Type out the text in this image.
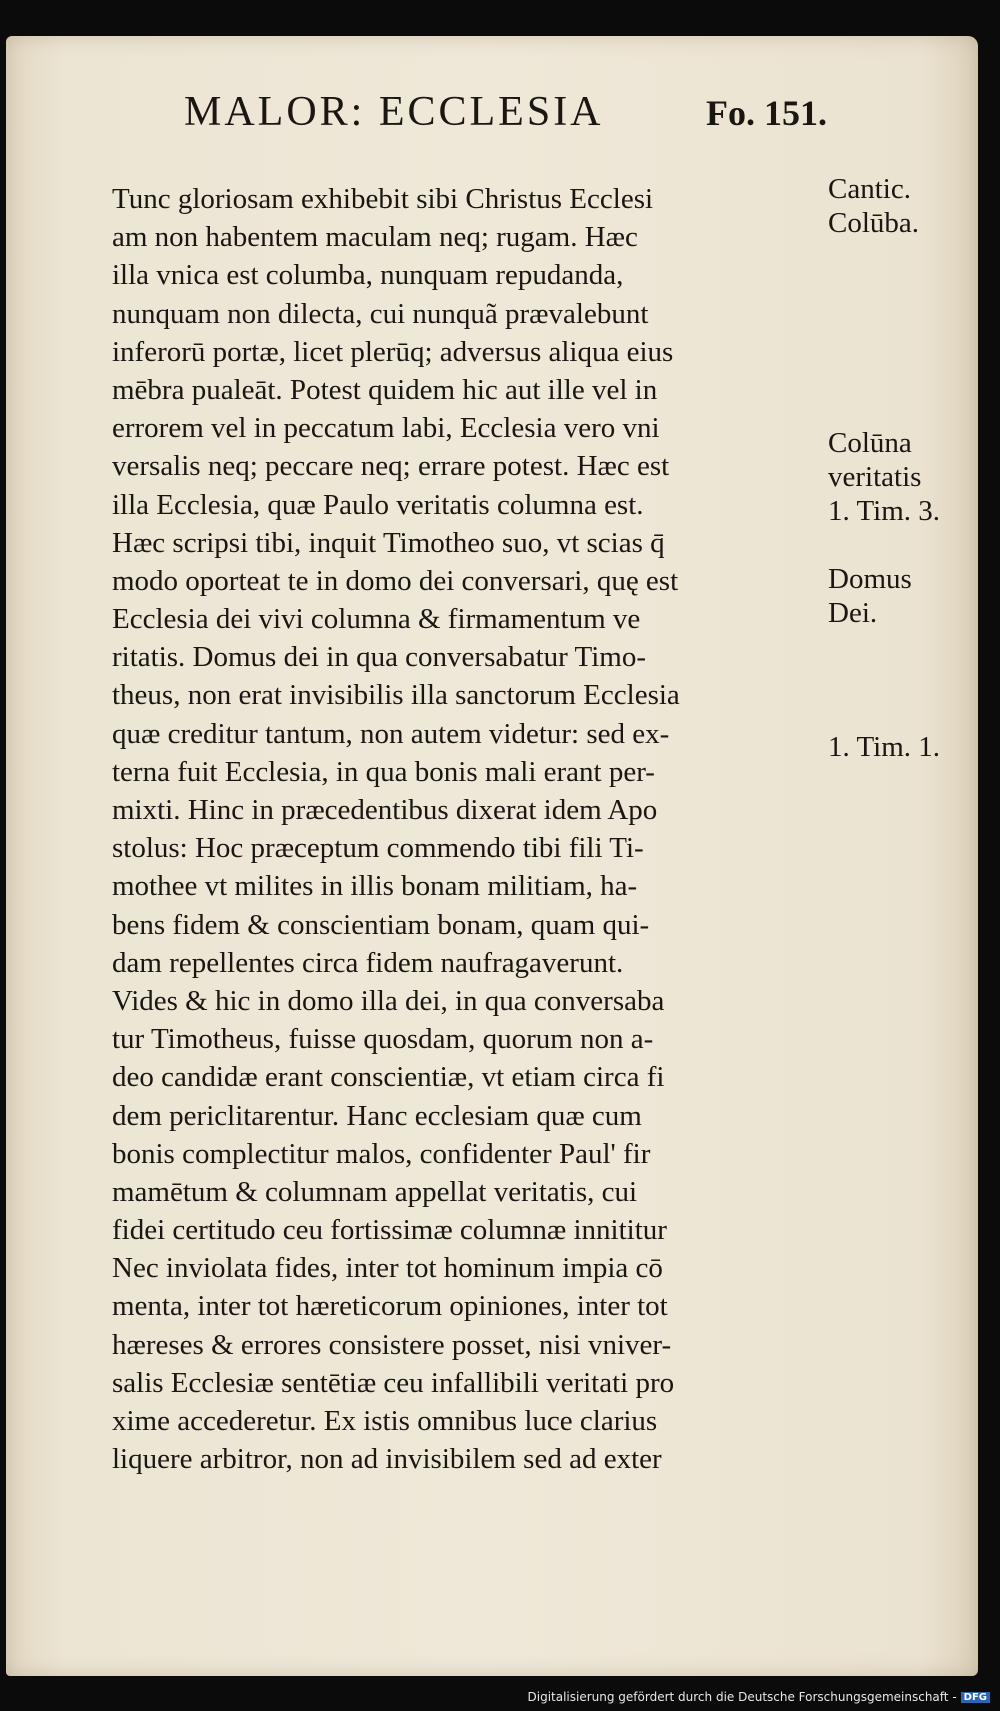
MALOR: ECCLESIA	Fo. 151.
Tunc gloriosam exhibebit sibi Christus Ecclesi
am non habentem maculam neq; rugam. Hæc
illa vnica est columba, nunquam repudanda,
nunquam non dilecta, cui nunquã prævalebunt
inferorū portæ, licet plerūq; adversus aliqua eius
mēbra pualeāt. Potest quidem hic aut ille vel in
errorem vel in peccatum labi, Ecclesia vero vni
versalis neq; peccare neq; errare potest. Hæc est
illa Ecclesia, quæ Paulo veritatis columna est.
Hæc scripsi tibi, inquit Timotheo suo, vt scias q̄
modo oporteat te in domo dei conversari, quę est
Ecclesia dei vivi columna & firmamentum ve
ritatis. Domus dei in qua conversabatur Timo-
theus, non erat invisibilis illa sanctorum Ecclesia
quæ creditur tantum, non autem videtur: sed ex-
terna fuit Ecclesia, in qua bonis mali erant per-
mixti. Hinc in præcedentibus dixerat idem Apo
stolus: Hoc præceptum commendo tibi fili Ti-
mothee vt milites in illis bonam militiam, ha-
bens fidem & conscientiam bonam, quam qui-
dam repellentes circa fidem naufragaverunt.
Vides & hic in domo illa dei, in qua conversaba
tur Timotheus, fuisse quosdam, quorum non a-
deo candidæ erant conscientiæ, vt etiam circa fi
dem periclitarentur. Hanc ecclesiam quæ cum
bonis complectitur malos, confidenter Paul' fir
mamētum & columnam appellat veritatis, cui
fidei certitudo ceu fortissimæ columnæ innititur
Nec inviolata fides, inter tot hominum impia cō
menta, inter tot hæreticorum opiniones, inter tot
hæreses & errores consistere posset, nisi vniver-
salis Ecclesiæ sentētiæ ceu infallibili veritati pro
xime accederetur. Ex istis omnibus luce clarius
liquere arbitror, non ad invisibilem sed ad exter
Cantic.
Colūba.
Colūna
veritatis
1. Tim. 3.
Domus
Dei.
1. Tim. 1.
Digitalisierung gefördert durch die Deutsche Forschungsgemeinschaft - DFG
